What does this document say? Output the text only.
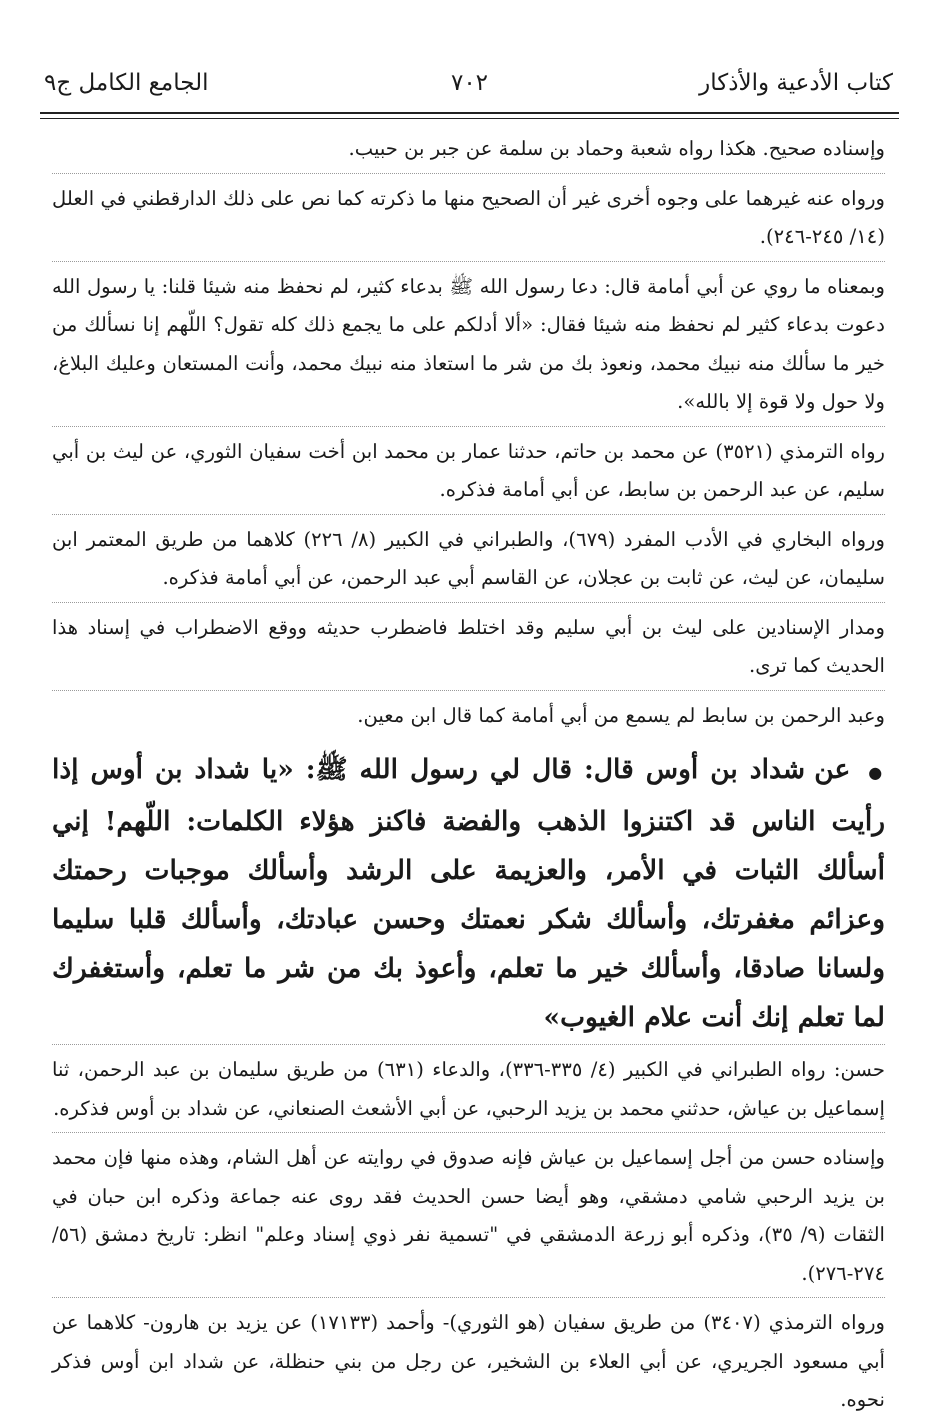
كتاب الأدعية والأذكار
٧٠٢
الجامع الكامل ج٩

وإسناده صحيح. هكذا رواه شعبة وحماد بن سلمة عن جبر بن حبيب.

ورواه عنه غيرهما على وجوه أخرى غير أن الصحيح منها ما ذكرته كما نص على ذلك الدارقطني في العلل (١٤/ ٢٤٥-٢٤٦).

وبمعناه ما روي عن أبي أمامة قال: دعا رسول الله ﷺ بدعاء كثير، لم نحفظ منه شيئا قلنا: يا رسول الله دعوت بدعاء كثير لم نحفظ منه شيئا فقال: «ألا أدلكم على ما يجمع ذلك كله تقول؟ اللّهم إنا نسألك من خير ما سألك منه نبيك محمد، ونعوذ بك من شر ما استعاذ منه نبيك محمد، وأنت المستعان وعليك البلاغ، ولا حول ولا قوة إلا بالله».

رواه الترمذي (٣٥٢١) عن محمد بن حاتم، حدثنا عمار بن محمد ابن أخت سفيان الثوري، عن ليث بن أبي سليم، عن عبد الرحمن بن سابط، عن أبي أمامة فذكره.

ورواه البخاري في الأدب المفرد (٦٧٩)، والطبراني في الكبير (٨/ ٢٢٦) كلاهما من طريق المعتمر ابن سليمان، عن ليث، عن ثابت بن عجلان، عن القاسم أبي عبد الرحمن، عن أبي أمامة فذكره.

ومدار الإسنادين على ليث بن أبي سليم وقد اختلط فاضطرب حديثه ووقع الاضطراب في إسناد هذا الحديث كما ترى.

وعبد الرحمن بن سابط لم يسمع من أبي أمامة كما قال ابن معين.

● عن شداد بن أوس قال: قال لي رسول الله ﷺ: «يا شداد بن أوس إذا رأيت الناس قد اكتنزوا الذهب والفضة فاكنز هؤلاء الكلمات: اللّهم! إني أسألك الثبات في الأمر، والعزيمة على الرشد وأسألك موجبات رحمتك وعزائم مغفرتك، وأسألك شكر نعمتك وحسن عبادتك، وأسألك قلبا سليما ولسانا صادقا، وأسألك خير ما تعلم، وأعوذ بك من شر ما تعلم، وأستغفرك لما تعلم إنك أنت علام الغيوب»

حسن: رواه الطبراني في الكبير (٤/ ٣٣٥-٣٣٦)، والدعاء (٦٣١) من طريق سليمان بن عبد الرحمن، ثنا إسماعيل بن عياش، حدثني محمد بن يزيد الرحبي، عن أبي الأشعث الصنعاني، عن شداد بن أوس فذكره.

وإسناده حسن من أجل إسماعيل بن عياش فإنه صدوق في روايته عن أهل الشام، وهذه منها فإن محمد بن يزيد الرحبي شامي دمشقي، وهو أيضا حسن الحديث فقد روى عنه جماعة وذكره ابن حبان في الثقات (٩/ ٣٥)، وذكره أبو زرعة الدمشقي في "تسمية نفر ذوي إسناد وعلم" انظر: تاريخ دمشق (٥٦/ ٢٧٤-٢٧٦).

ورواه الترمذي (٣٤٠٧) من طريق سفيان (هو الثوري)- وأحمد (١٧١٣٣) عن يزيد بن هارون- كلاهما عن أبي مسعود الجريري، عن أبي العلاء بن الشخير، عن رجل من بني حنظلة، عن شداد ابن أوس فذكر نحوه.
